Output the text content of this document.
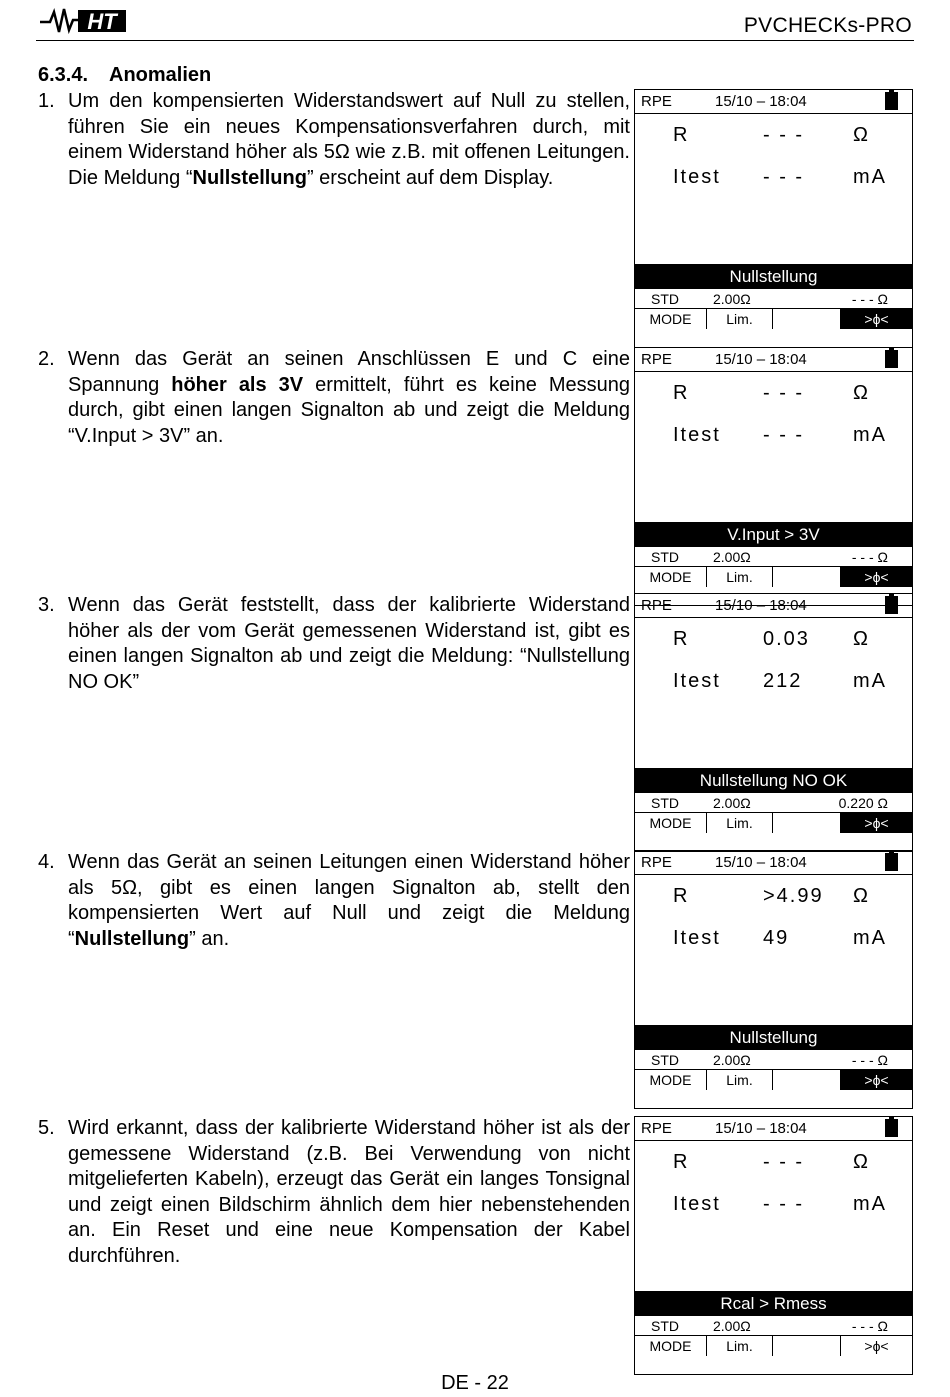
HT	PVCHECKs-PRO
6.3.4. Anomalien
1. Um den kompensierten Widerstandswert auf Null zu stellen, führen Sie ein neues Kompensationsverfahren durch, mit einem Widerstand höher als 5Ω wie z.B. mit offenen Leitungen. Die Meldung “Nullstellung” erscheint auf dem Display.
RPE	15/10 – 18:04
R	- - - Ω
Itest - - - mA
Nullstellung
STD 2.00Ω	- - - Ω
MODE	Lim.	>ϕ<
2. Wenn das Gerät an seinen Anschlüssen E und C eine Spannung höher als 3V ermittelt, führt es keine Messung durch, gibt einen langen Signalton ab und zeigt die Meldung “V.Input > 3V” an.
RPE	15/10 – 18:04
R	- - - Ω
Itest - - - mA
V.Input > 3V
STD 2.00Ω	- - - Ω
MODE	Lim.	>ϕ<
3. Wenn das Gerät feststellt, dass der kalibrierte Widerstand höher als der vom Gerät gemessenen Widerstand ist, gibt es einen langen Signalton ab und zeigt die Meldung: “Nullstellung NO OK”
RPE	15/10 – 18:04
R	0.03 Ω
Itest 212	mA
Nullstellung NO OK
STD 2.00Ω	0.220 Ω
MODE	Lim.	>ϕ<
4. Wenn das Gerät an seinen Leitungen einen Widerstand höher als 5Ω, gibt es einen langen Signalton ab, stellt den kompensierten Wert auf Null und zeigt die Meldung “Nullstellung” an.
RPE	15/10 – 18:04
R	>4.99 Ω
Itest 49	mA
Nullstellung
STD 2.00Ω	- - - Ω
MODE	Lim.	>ϕ<
5. Wird erkannt, dass der kalibrierte Widerstand höher ist als der gemessene Widerstand (z.B. Bei Verwendung von nicht mitgelieferten Kabeln), erzeugt das Gerät ein langes Tonsignal und zeigt einen Bildschirm ähnlich dem hier nebenstehenden an. Ein Reset und eine neue Kompensation der Kabel durchführen.
RPE	15/10 – 18:04
R	- - - Ω
Itest - - - mA
Rcal > Rmess
STD 2.00Ω	- - - Ω
MODE	Lim.	>ϕ<
DE - 22
